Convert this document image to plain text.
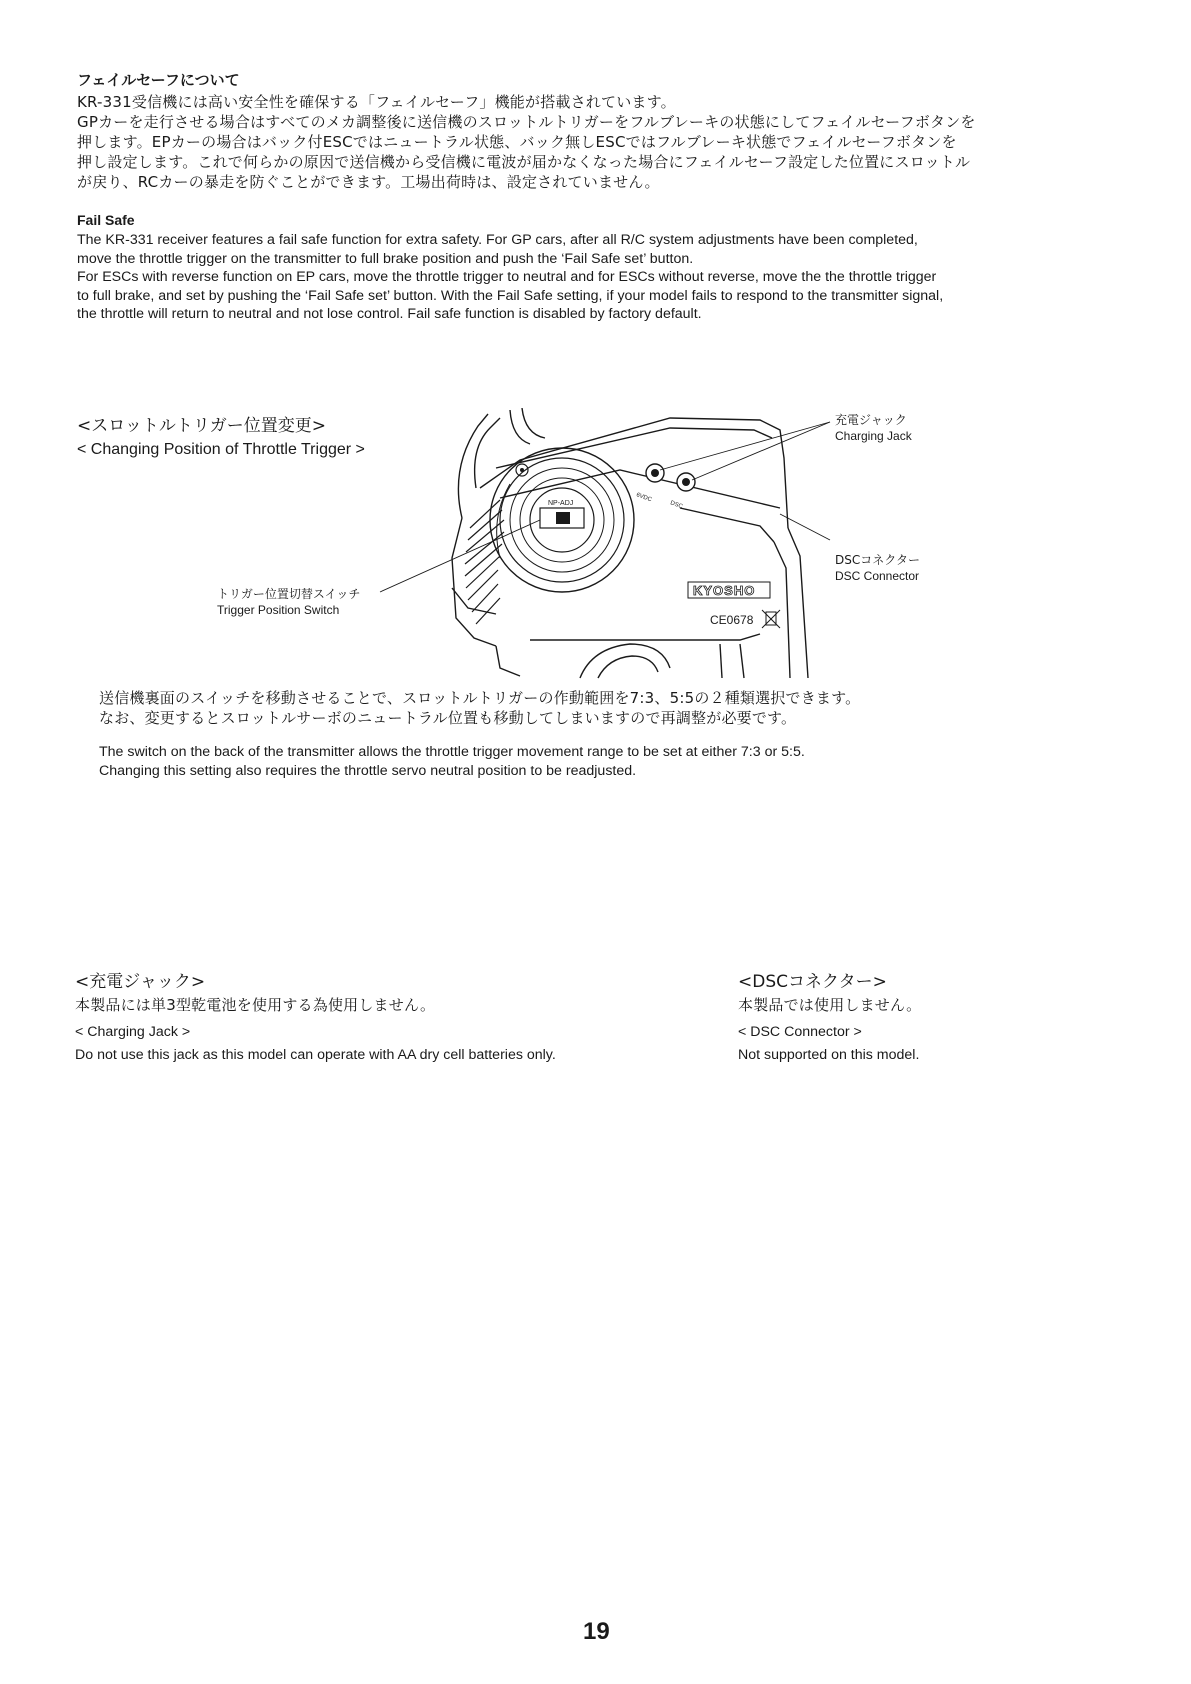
フェイルセーフについて
KR-331受信機には高い安全性を確保する「フェイルセーフ」機能が搭載されています。
GPカーを走行させる場合はすべてのメカ調整後に送信機のスロットルトリガーをフルブレーキの状態にしてフェイルセーフボタンを
押します。EPカーの場合はバック付ESCではニュートラル状態、バック無しESCではフルブレーキ状態でフェイルセーフボタンを
押し設定します。これで何らかの原因で送信機から受信機に電波が届かなくなった場合にフェイルセーフ設定した位置にスロットル
が戻り、RCカーの暴走を防ぐことができます。工場出荷時は、設定されていません。
Fail Safe
The KR-331 receiver features a fail safe function for extra safety. For GP cars, after all R/C system adjustments have been completed,
move the throttle trigger on the transmitter to full brake position and push the ‘Fail Safe set’ button.
For ESCs with reverse function on EP cars, move the throttle trigger to neutral and for ESCs without reverse, move the the throttle trigger
to full brake, and set by pushing the ‘Fail Safe set’ button. With the Fail Safe setting, if your model fails to respond to the transmitter signal,
the throttle will return to neutral and not lose control. Fail safe function is disabled by factory default.
<スロットルトリガー位置変更>
< Changing Position of Throttle Trigger >
NP-ADJ
6VDC
DSC
KYOSHO
CE0678
充電ジャック
Charging Jack
DSCコネクター
DSC Connector
トリガー位置切替スイッチ
Trigger Position Switch
送信機裏面のスイッチを移動させることで、スロットルトリガーの作動範囲を7:3、5:5の２種類選択できます。
なお、変更するとスロットルサーボのニュートラル位置も移動してしまいますので再調整が必要です。
The switch on the back of the transmitter allows the throttle trigger movement range to be set at either 7:3 or 5:5.
Changing this setting also requires the throttle servo neutral position to be readjusted.
<充電ジャック>
本製品には単3型乾電池を使用する為使用しません。
< Charging Jack >
Do not use this jack as this model can operate with AA dry cell batteries only.
<DSCコネクター>
本製品では使用しません。
< DSC Connector >
Not supported on this model.
19
